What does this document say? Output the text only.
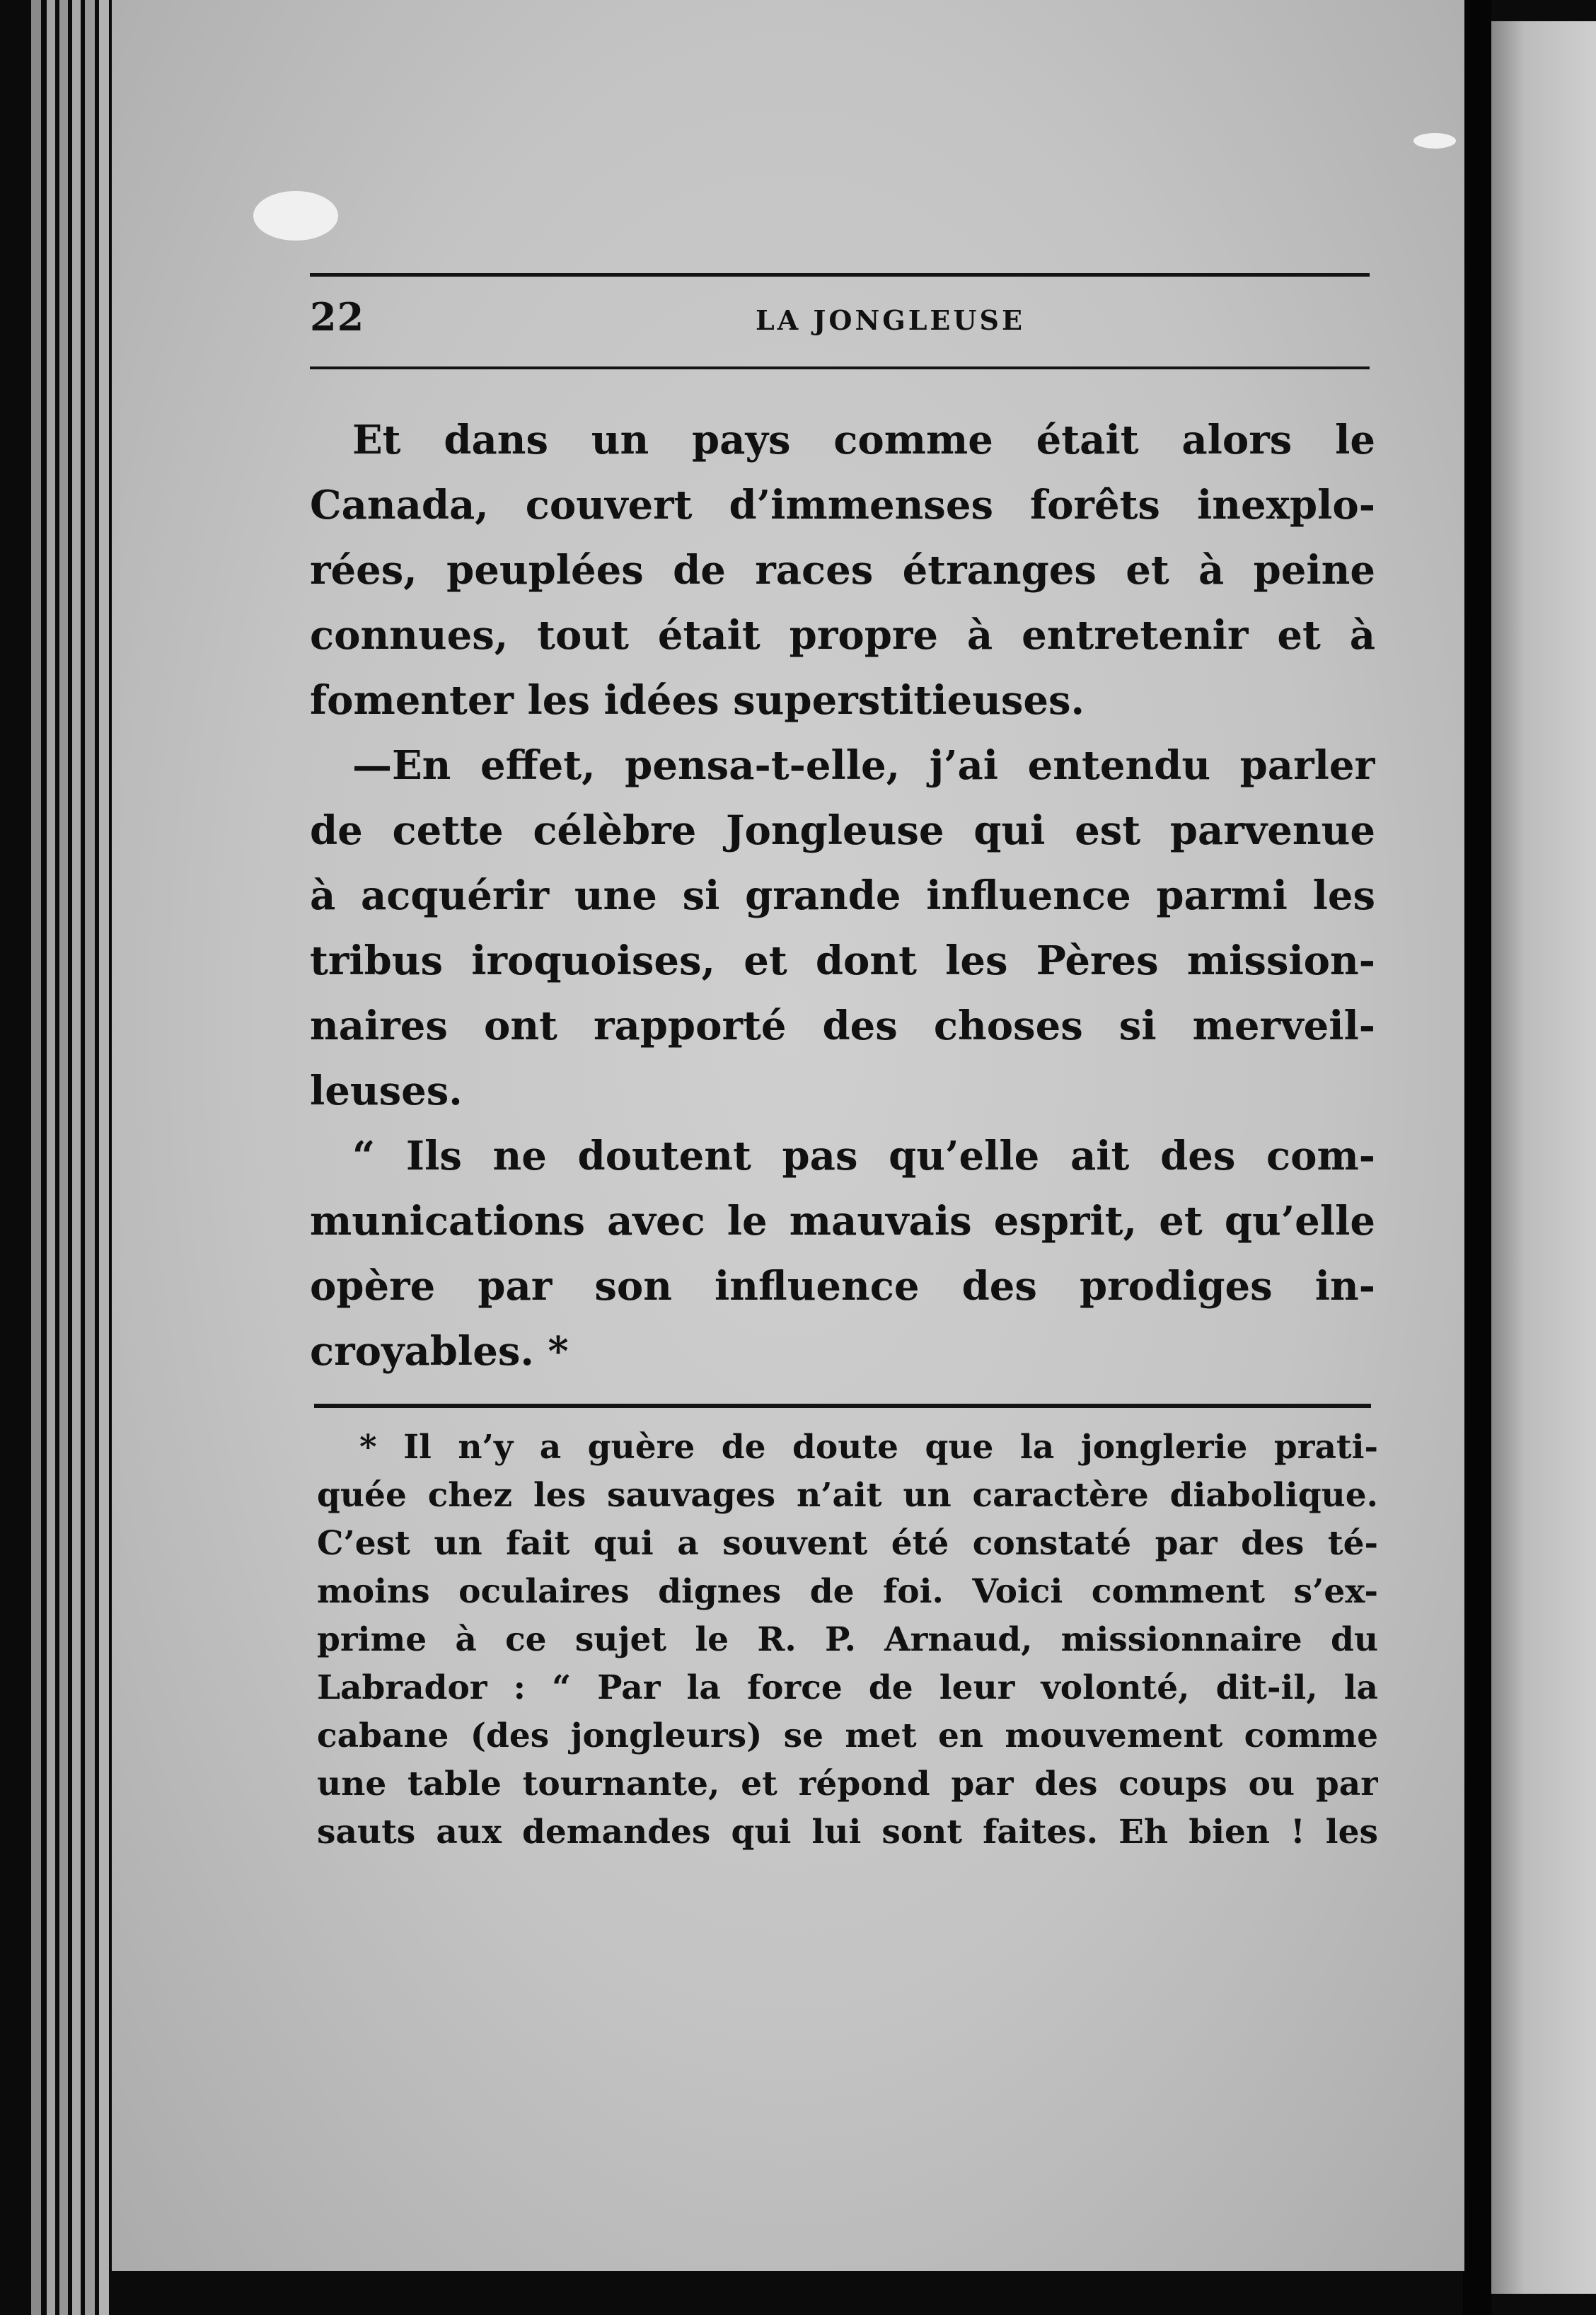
22	LA JONGLEUSE
Et dans un pays comme était alors le
Canada, couvert d’immenses forêts inexplo-
rées, peuplées de races étranges et à peine
connues, tout était propre à entretenir et à
fomenter les idées superstitieuses.
—En effet, pensa-t-elle, j’ai entendu parler
de cette célèbre Jongleuse qui est parvenue
à acquérir une si grande influence parmi les
tribus iroquoises, et dont les Pères mission-
naires ont rapporté des choses si merveil-
leuses.
“ Ils ne doutent pas qu’elle ait des com-
munications avec le mauvais esprit, et qu’elle
opère par son influence des prodiges in-
croyables. *
* Il n’y a guère de doute que la jonglerie prati-
quée chez les sauvages n’ait un caractère diabolique.
C’est un fait qui a souvent été constaté par des té-
moins oculaires dignes de foi. Voici comment s’ex-
prime à ce sujet le R. P. Arnaud, missionnaire du
Labrador : “ Par la force de leur volonté, dit-il, la
cabane (des jongleurs) se met en mouvement comme
une table tournante, et répond par des coups ou par
sauts aux demandes qui lui sont faites. Eh bien ! les
